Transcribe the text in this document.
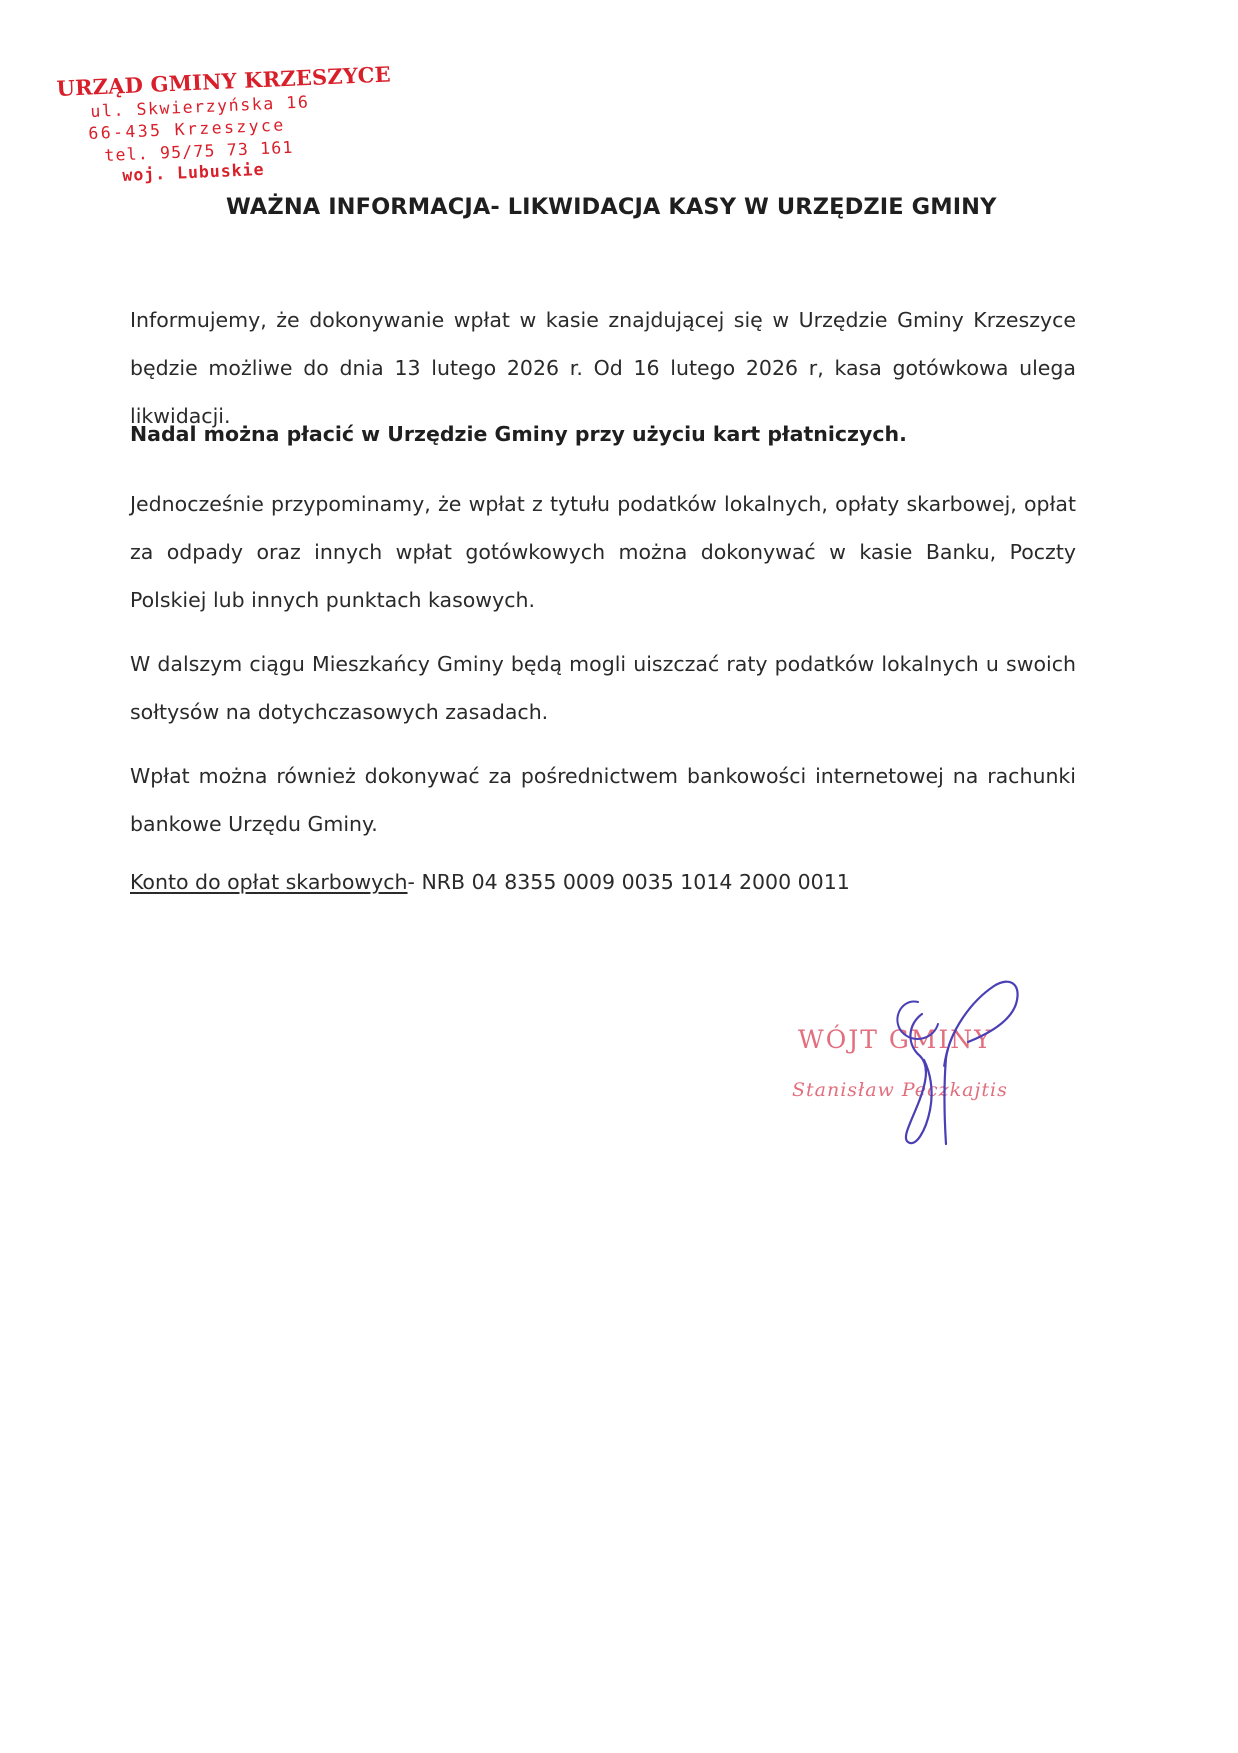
URZĄD GMINY KRZESZYCE
ul. Skwierzyńska 16
66-435 Krzeszyce
tel. 95/75 73 161
woj. Lubuskie
WAŻNA INFORMACJA- LIKWIDACJA KASY W URZĘDZIE GMINY
Informujemy, że dokonywanie wpłat w kasie znajdującej się w Urzędzie Gminy Krzeszyce będzie możliwe do dnia 13 lutego 2026 r. Od 16 lutego 2026 r, kasa gotówkowa ulega likwidacji.
Nadal można płacić w Urzędzie Gminy przy użyciu kart płatniczych.
Jednocześnie przypominamy, że wpłat z tytułu podatków lokalnych, opłaty skarbowej, opłat za odpady oraz innych wpłat gotówkowych można dokonywać w kasie Banku, Poczty Polskiej lub innych punktach kasowych.
W dalszym ciągu Mieszkańcy Gminy będą mogli uiszczać raty podatków lokalnych u swoich sołtysów na dotychczasowych zasadach.
Wpłat można również dokonywać za pośrednictwem bankowości internetowej na rachunki bankowe Urzędu Gminy.
Konto do opłat skarbowych- NRB 04 8355 0009 0035 1014 2000 0011
WÓJT GMINY
Stanisław Peczkajtis
